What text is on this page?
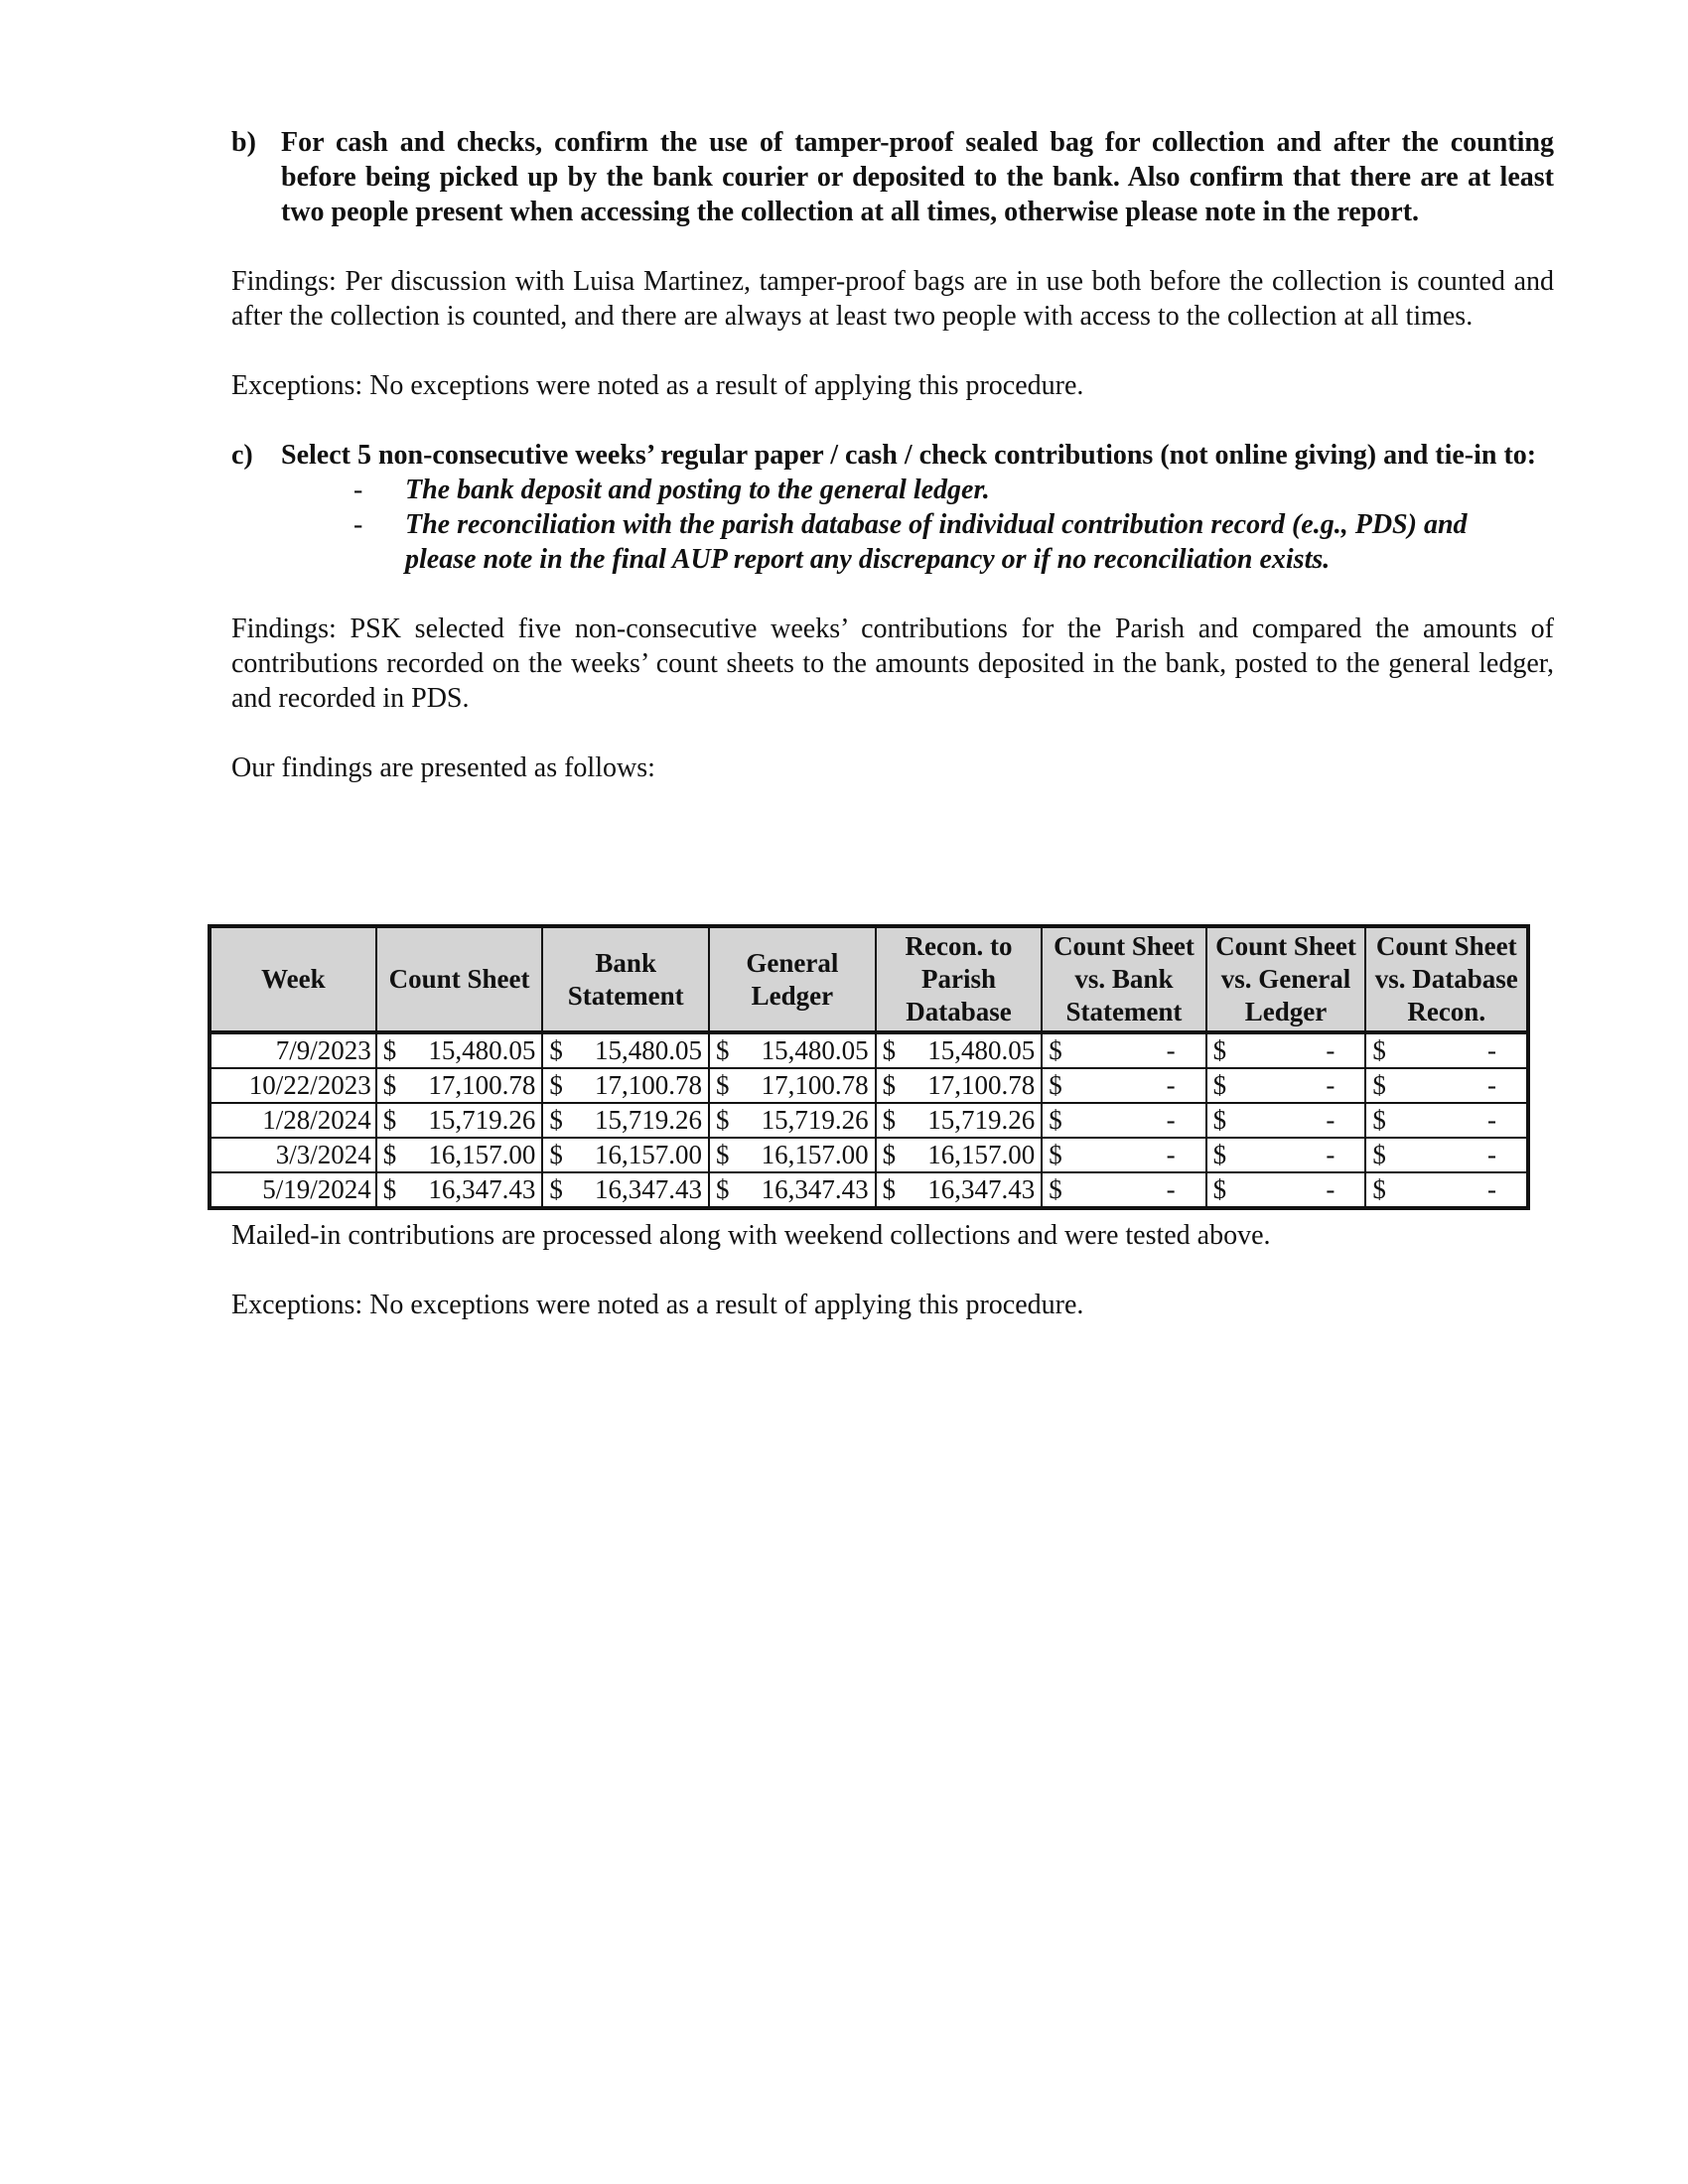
b) For cash and checks, confirm the use of tamper-proof sealed bag for collection and after the counting before being picked up by the bank courier or deposited to the bank. Also confirm that there are at least two people present when accessing the collection at all times, otherwise please note in the report.

Findings: Per discussion with Luisa Martinez, tamper-proof bags are in use both before the collection is counted and after the collection is counted, and there are always at least two people with access to the collection at all times.

Exceptions: No exceptions were noted as a result of applying this procedure.

c) Select 5 non-consecutive weeks’ regular paper / cash / check contributions (not online giving) and tie-in to:

- The bank deposit and posting to the general ledger.
- The reconciliation with the parish database of individual contribution record (e.g., PDS) and please note in the final AUP report any discrepancy or if no reconciliation exists.

Findings: PSK selected five non-consecutive weeks’ contributions for the Parish and compared the amounts of contributions recorded on the weeks’ count sheets to the amounts deposited in the bank, posted to the general ledger, and recorded in PDS.

Our findings are presented as follows:

Week	Count Sheet	Bank Statement	General Ledger	Recon. to Parish Database	Count Sheet vs. Bank Statement	Count Sheet vs. General Ledger	Count Sheet vs. Database Recon.
7/9/2023	$ 15,480.05	$ 15,480.05	$ 15,480.05	$ 15,480.05	$ -	$ -	$ -

10/22/2023	$ 17,100.78	$ 17,100.78	$ 17,100.78	$ 17,100.78	$ -	$ -	$ -

1/28/2024	$ 15,719.26	$ 15,719.26	$ 15,719.26	$ 15,719.26	$ -	$ -	$ -

3/3/2024	$ 16,157.00	$ 16,157.00	$ 16,157.00	$ 16,157.00	$ -	$ -	$ -

5/19/2024	$ 16,347.43	$ 16,347.43	$ 16,347.43	$ 16,347.43	$ -	$ -	$ -

Mailed-in contributions are processed along with weekend collections and were tested above.

Exceptions: No exceptions were noted as a result of applying this procedure.
